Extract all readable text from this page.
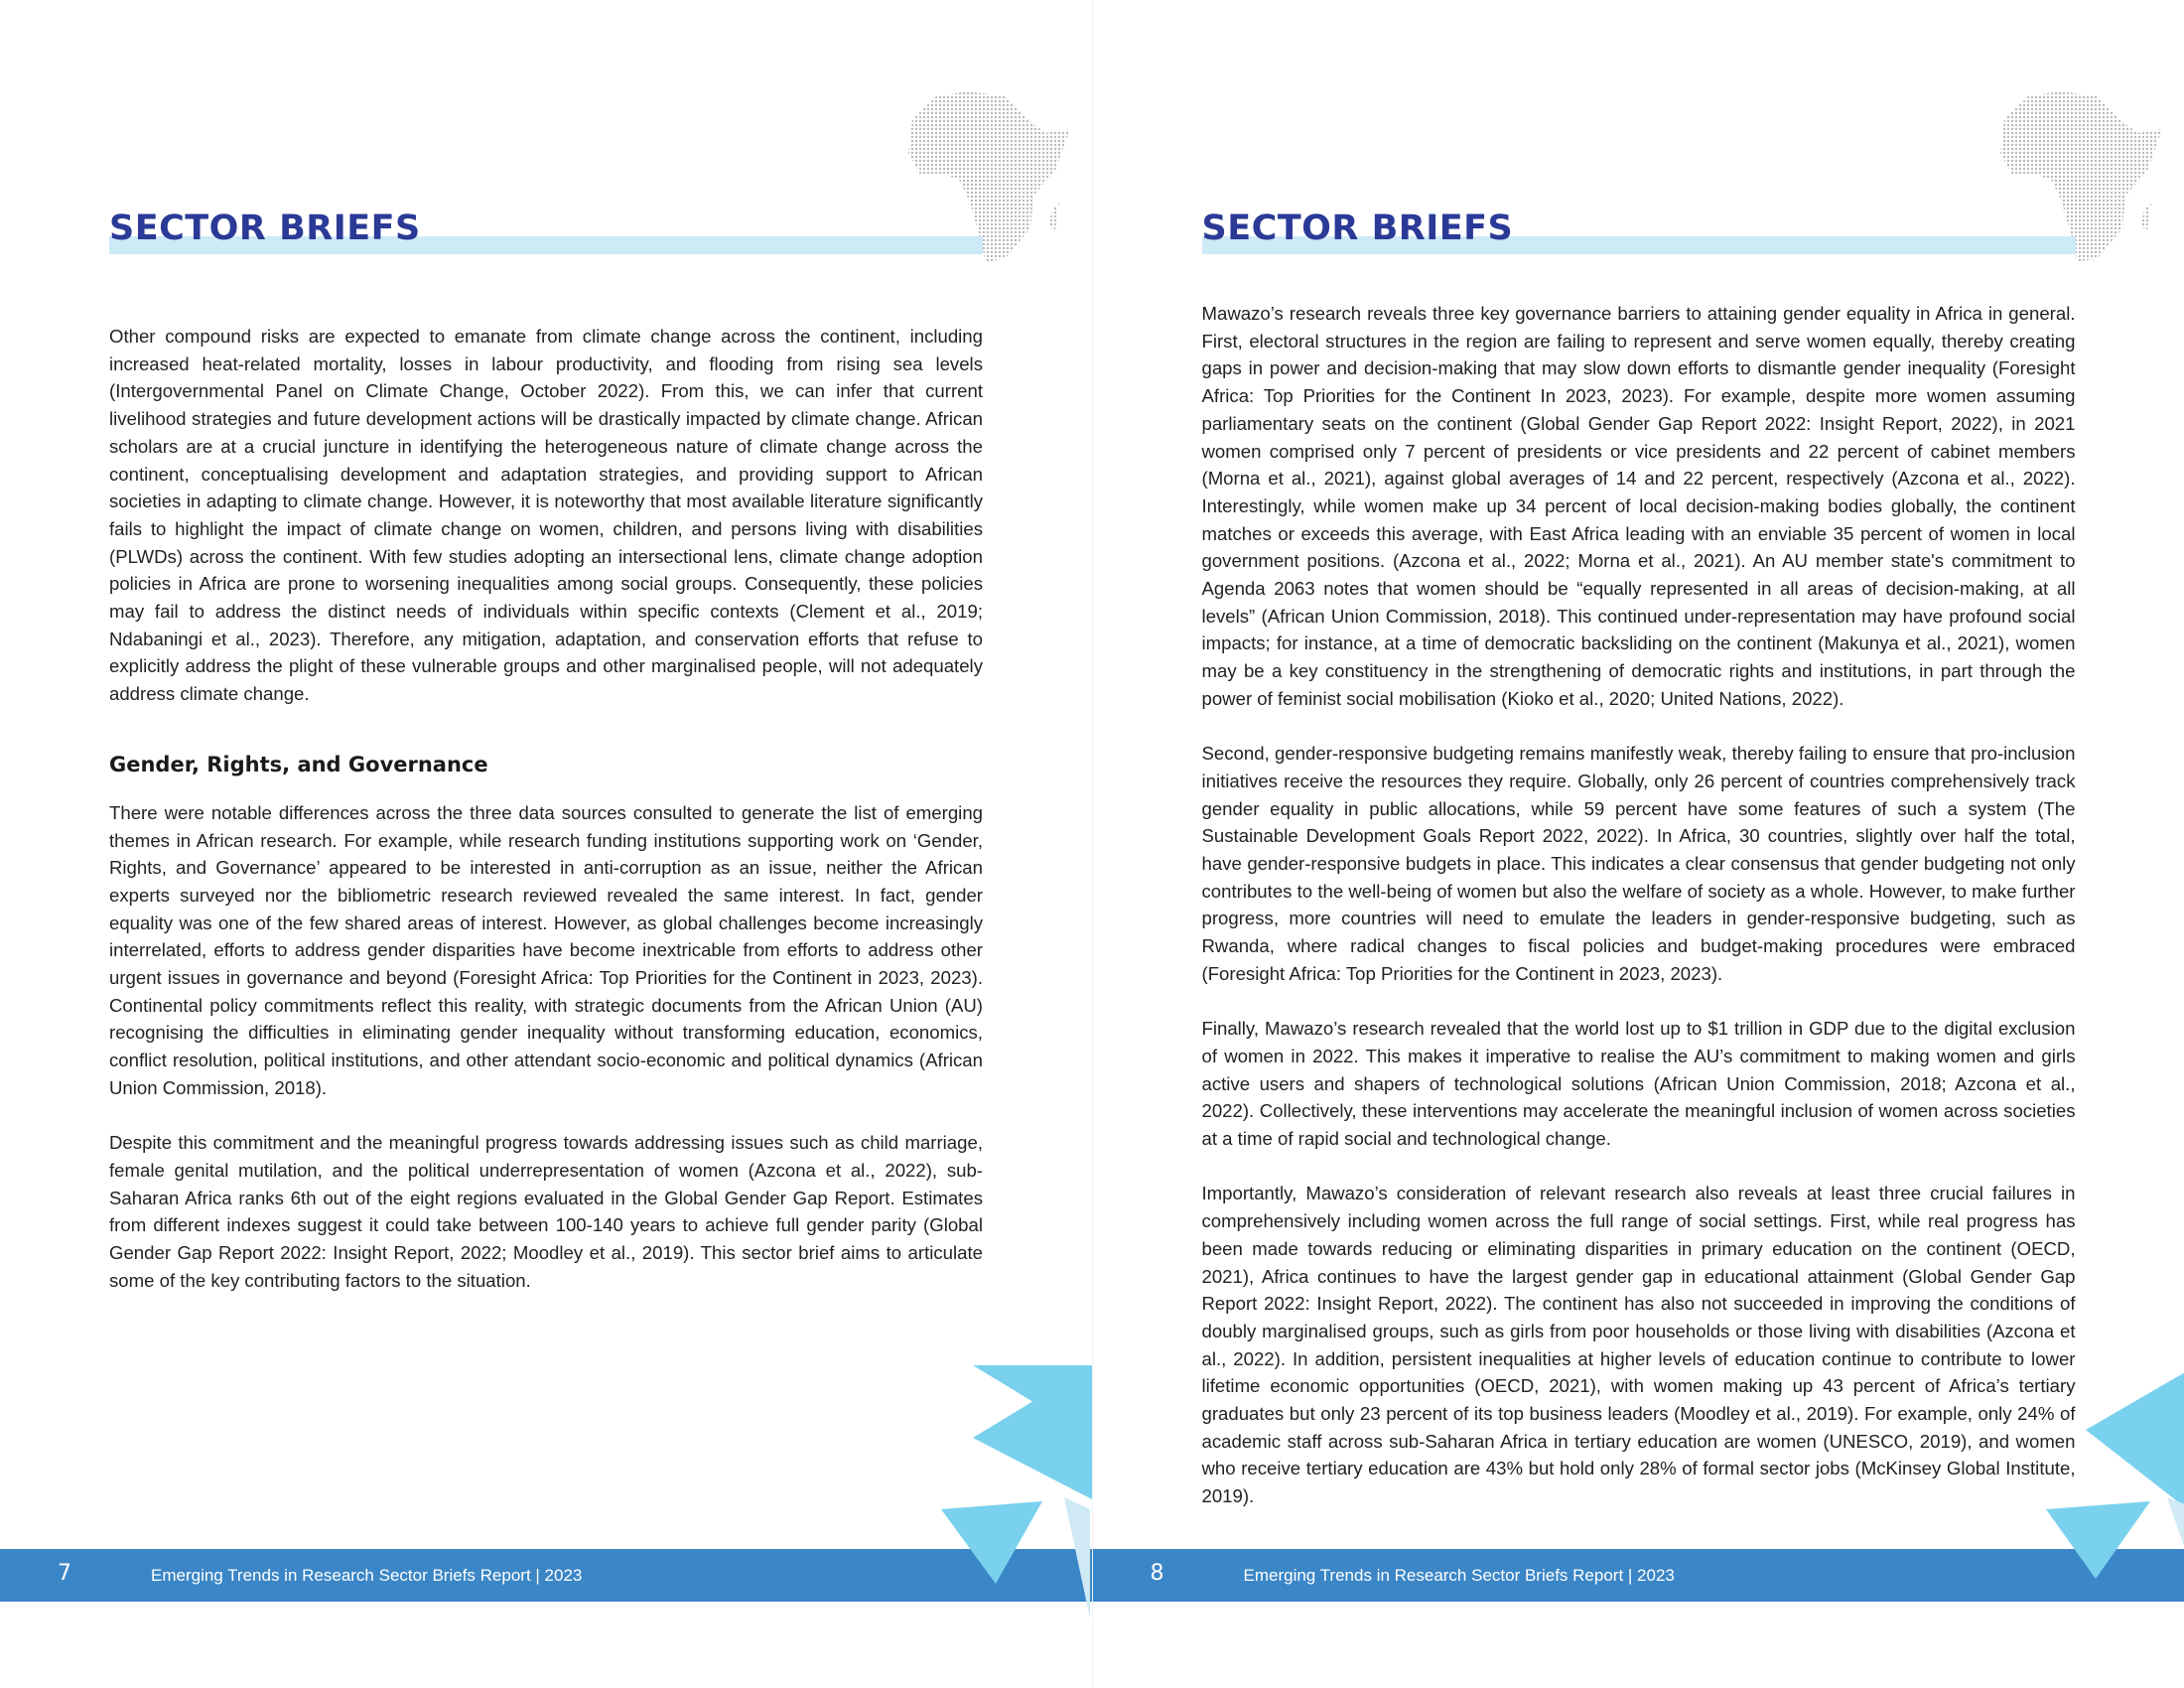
SECTOR BRIEFS

Other compound risks are expected to emanate from climate change across the continent, including increased heat-related mortality, losses in labour productivity, and flooding from rising sea levels (Intergovernmental Panel on Climate Change, October 2022). From this, we can infer that current livelihood strategies and future development actions will be drastically impacted by climate change. African scholars are at a crucial juncture in identifying the heterogeneous nature of climate change across the continent, conceptualising development and adaptation strategies, and providing support to African societies in adapting to climate change. However, it is noteworthy that most available literature significantly fails to highlight the impact of climate change on women, children, and persons living with disabilities (PLWDs) across the continent. With few studies adopting an intersectional lens, climate change adoption policies in Africa are prone to worsening inequalities among social groups. Consequently, these policies may fail to address the distinct needs of individuals within specific contexts (Clement et al., 2019; Ndabaningi et al., 2023). Therefore, any mitigation, adaptation, and conservation efforts that refuse to explicitly address the plight of these vulnerable groups and other marginalised people, will not adequately address climate change.

Gender, Rights, and Governance

There were notable differences across the three data sources consulted to generate the list of emerging themes in African research. For example, while research funding institutions supporting work on ‘Gender, Rights, and Governance’ appeared to be interested in anti-corruption as an issue, neither the African experts surveyed nor the bibliometric research reviewed revealed the same interest. In fact, gender equality was one of the few shared areas of interest. However, as global challenges become increasingly interrelated, efforts to address gender disparities have become inextricable from efforts to address other urgent issues in governance and beyond (Foresight Africa: Top Priorities for the Continent in 2023, 2023). Continental policy commitments reflect this reality, with strategic documents from the African Union (AU) recognising the difficulties in eliminating gender inequality without transforming education, economics, conflict resolution, political institutions, and other attendant socio-economic and political dynamics (African Union Commission, 2018).

Despite this commitment and the meaningful progress towards addressing issues such as child marriage, female genital mutilation, and the political underrepresentation of women (Azcona et al., 2022), sub-Saharan Africa ranks 6th out of the eight regions evaluated in the Global Gender Gap Report. Estimates from different indexes suggest it could take between 100-140 years to achieve full gender parity (Global Gender Gap Report 2022: Insight Report, 2022; Moodley et al., 2019). This sector brief aims to articulate some of the key contributing factors to the situation.

7	Emerging Trends in Research Sector Briefs Report | 2023
SECTOR BRIEFS

Mawazo’s research reveals three key governance barriers to attaining gender equality in Africa in general. First, electoral structures in the region are failing to represent and serve women equally, thereby creating gaps in power and decision-making that may slow down efforts to dismantle gender inequality (Foresight Africa: Top Priorities for the Continent In 2023, 2023). For example, despite more women assuming parliamentary seats on the continent (Global Gender Gap Report 2022: Insight Report, 2022), in 2021 women comprised only 7 percent of presidents or vice presidents and 22 percent of cabinet members (Morna et al., 2021), against global averages of 14 and 22 percent, respectively (Azcona et al., 2022). Interestingly, while women make up 34 percent of local decision-making bodies globally, the continent matches or exceeds this average, with East Africa leading with an enviable 35 percent of women in local government positions. (Azcona et al., 2022; Morna et al., 2021). An AU member state's commitment to Agenda 2063 notes that women should be “equally represented in all areas of decision-making, at all levels” (African Union Commission, 2018). This continued under-representation may have profound social impacts; for instance, at a time of democratic backsliding on the continent (Makunya et al., 2021), women may be a key constituency in the strengthening of democratic rights and institutions, in part through the power of feminist social mobilisation (Kioko et al., 2020; United Nations, 2022).

Second, gender-responsive budgeting remains manifestly weak, thereby failing to ensure that pro-inclusion initiatives receive the resources they require. Globally, only 26 percent of countries comprehensively track gender equality in public allocations, while 59 percent have some features of such a system (The Sustainable Development Goals Report 2022, 2022). In Africa, 30 countries, slightly over half the total, have gender-responsive budgets in place. This indicates a clear consensus that gender budgeting not only contributes to the well-being of women but also the welfare of society as a whole. However, to make further progress, more countries will need to emulate the leaders in gender-responsive budgeting, such as Rwanda, where radical changes to fiscal policies and budget-making procedures were embraced (Foresight Africa: Top Priorities for the Continent in 2023, 2023).

Finally, Mawazo’s research revealed that the world lost up to $1 trillion in GDP due to the digital exclusion of women in 2022. This makes it imperative to realise the AU’s commitment to making women and girls active users and shapers of technological solutions (African Union Commission, 2018; Azcona et al., 2022). Collectively, these interventions may accelerate the meaningful inclusion of women across societies at a time of rapid social and technological change.

Importantly, Mawazo’s consideration of relevant research also reveals at least three crucial failures in comprehensively including women across the full range of social settings. First, while real progress has been made towards reducing or eliminating disparities in primary education on the continent (OECD, 2021), Africa continues to have the largest gender gap in educational attainment (Global Gender Gap Report 2022: Insight Report, 2022). The continent has also not succeeded in improving the conditions of doubly marginalised groups, such as girls from poor households or those living with disabilities (Azcona et al., 2022). In addition, persistent inequalities at higher levels of education continue to contribute to lower lifetime economic opportunities (OECD, 2021), with women making up 43 percent of Africa’s tertiary graduates but only 23 percent of its top business leaders (Moodley et al., 2019). For example, only 24% of academic staff across sub-Saharan Africa in tertiary education are women (UNESCO, 2019), and women who receive tertiary education are 43% but hold only 28% of formal sector jobs (McKinsey Global Institute, 2019).

8	Emerging Trends in Research Sector Briefs Report | 2023
